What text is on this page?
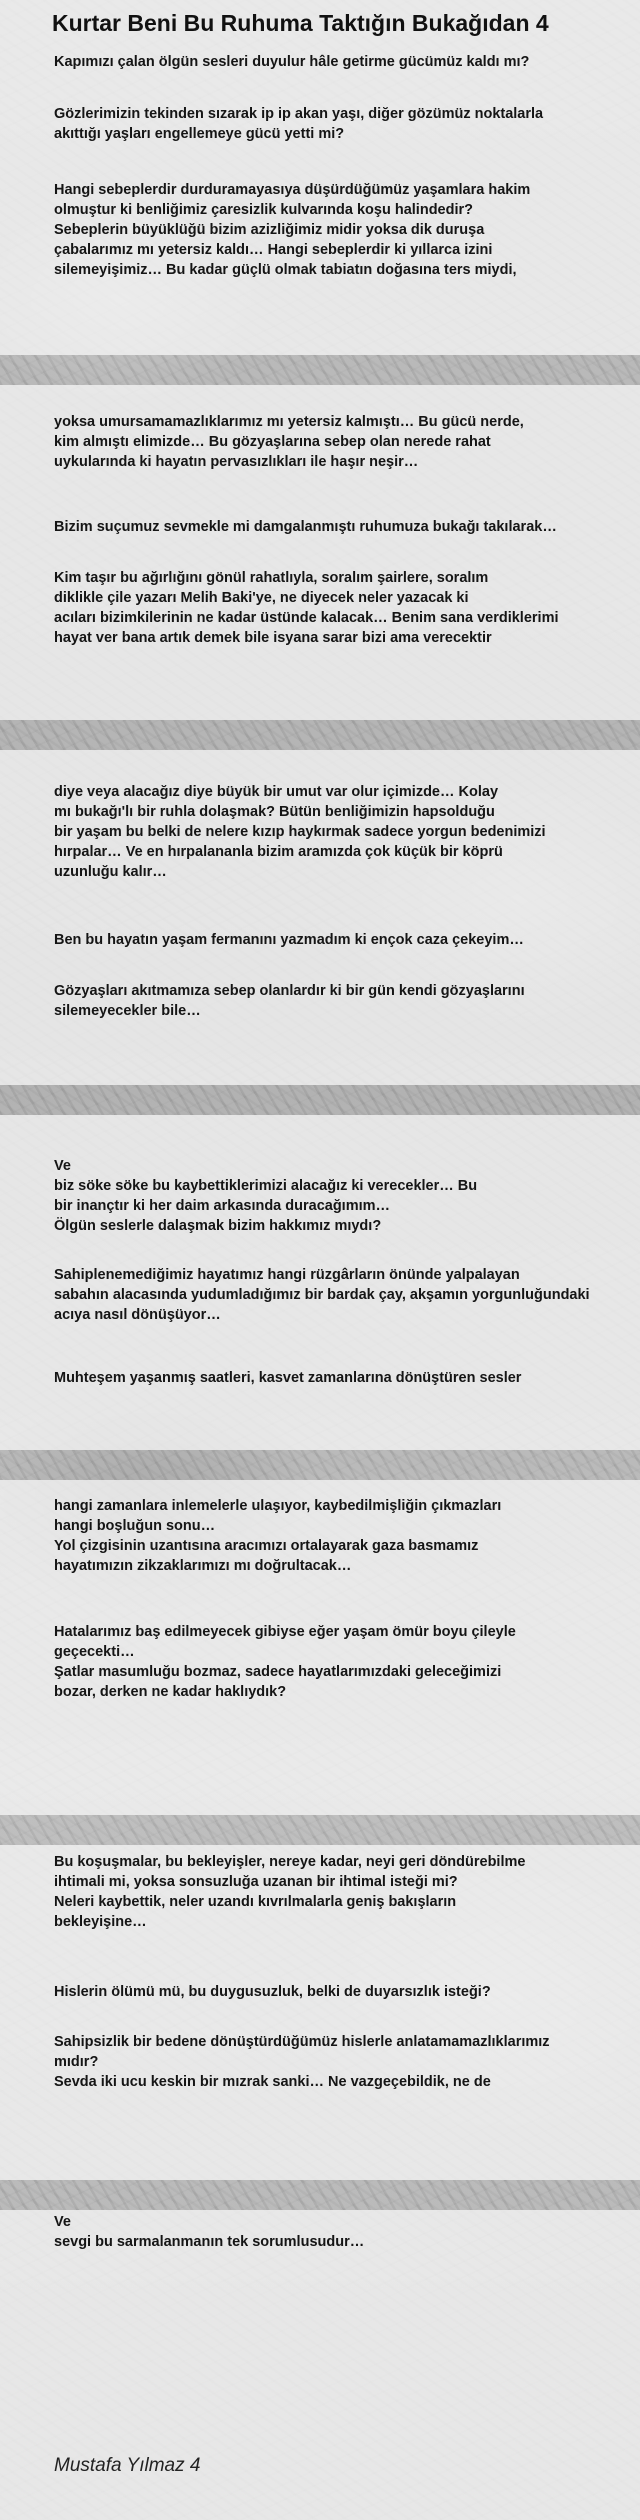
Kurtar Beni Bu Ruhuma Taktığın Bukağıdan 4

Kapımızı çalan ölgün sesleri duyulur hâle getirme gücümüz kaldı mı?

Gözlerimizin tekinden sızarak ip ip akan yaşı, diğer gözümüz noktalarla
akıttığı yaşları engellemeye gücü yetti mi?

Hangi sebeplerdir durduramayasıya düşürdüğümüz yaşamlara hakim
olmuştur ki benliğimiz çaresizlik kulvarında koşu halindedir?
Sebeplerin büyüklüğü bizim azizliğimiz midir yoksa dik duruşa
çabalarımız mı yetersiz kaldı… Hangi sebeplerdir ki yıllarca izini
silemeyişimiz… Bu kadar güçlü olmak tabiatın doğasına ters miydi,

yoksa umursamamazlıklarımız mı yetersiz kalmıştı… Bu gücü nerde,
kim almıştı elimizde… Bu gözyaşlarına sebep olan nerede rahat
uykularında ki hayatın pervasızlıkları ile haşır neşir…

Bizim suçumuz sevmekle mi damgalanmıştı ruhumuza bukağı takılarak…

Kim taşır bu ağırlığını gönül rahatlıyla, soralım şairlere, soralım
diklikle çile yazarı Melih Baki'ye, ne diyecek neler yazacak ki
acıları bizimkilerinin ne kadar üstünde kalacak… Benim sana verdiklerimi
hayat ver bana artık demek bile isyana sarar bizi ama verecektir

diye veya alacağız diye büyük bir umut var olur içimizde… Kolay
mı bukağı'lı bir ruhla dolaşmak? Bütün benliğimizin hapsolduğu
bir yaşam bu belki de nelere kızıp haykırmak sadece yorgun bedenimizi
hırpalar… Ve en hırpalananla bizim aramızda çok küçük bir köprü
uzunluğu kalır…

Ben bu hayatın yaşam fermanını yazmadım ki ençok caza çekeyim…

Gözyaşları akıtmamıza sebep olanlardır ki bir gün kendi gözyaşlarını
silemeyecekler bile…

Ve
biz söke söke bu kaybettiklerimizi alacağız ki verecekler… Bu
bir inançtır ki her daim arkasında duracağımım…
Ölgün seslerle dalaşmak bizim hakkımız mıydı?

Sahiplenemediğimiz hayatımız hangi rüzgârların önünde yalpalayan
sabahın alacasında yudumladığımız bir bardak çay, akşamın yorgunluğundaki
acıya nasıl dönüşüyor…

Muhteşem yaşanmış saatleri, kasvet zamanlarına dönüştüren sesler

hangi zamanlara inlemelerle ulaşıyor, kaybedilmişliğin çıkmazları
hangi boşluğun sonu…
Yol çizgisinin uzantısına aracımızı ortalayarak gaza basmamız
hayatımızın zikzaklarımızı mı doğrultacak…

Hatalarımız baş edilmeyecek gibiyse eğer yaşam ömür boyu çileyle
geçecekti…
Şatlar masumluğu bozmaz, sadece hayatlarımızdaki geleceğimizi
bozar, derken ne kadar haklıydık?

Bu koşuşmalar, bu bekleyişler, nereye kadar, neyi geri döndürebilme
ihtimali mi, yoksa sonsuzluğa uzanan bir ihtimal isteği mi?
Neleri kaybettik, neler uzandı kıvrılmalarla geniş bakışların
bekleyişine…

Hislerin ölümü mü, bu duygusuzluk, belki de duyarsızlık isteği?

Sahipsizlik bir bedene dönüştürdüğümüz hislerle anlatamamazlıklarımız
mıdır?
Sevda iki ucu keskin bir mızrak sanki… Ne vazgeçebildik, ne de

Ve
sevgi bu sarmalanmanın tek sorumlusudur…

Mustafa Yılmaz 4
